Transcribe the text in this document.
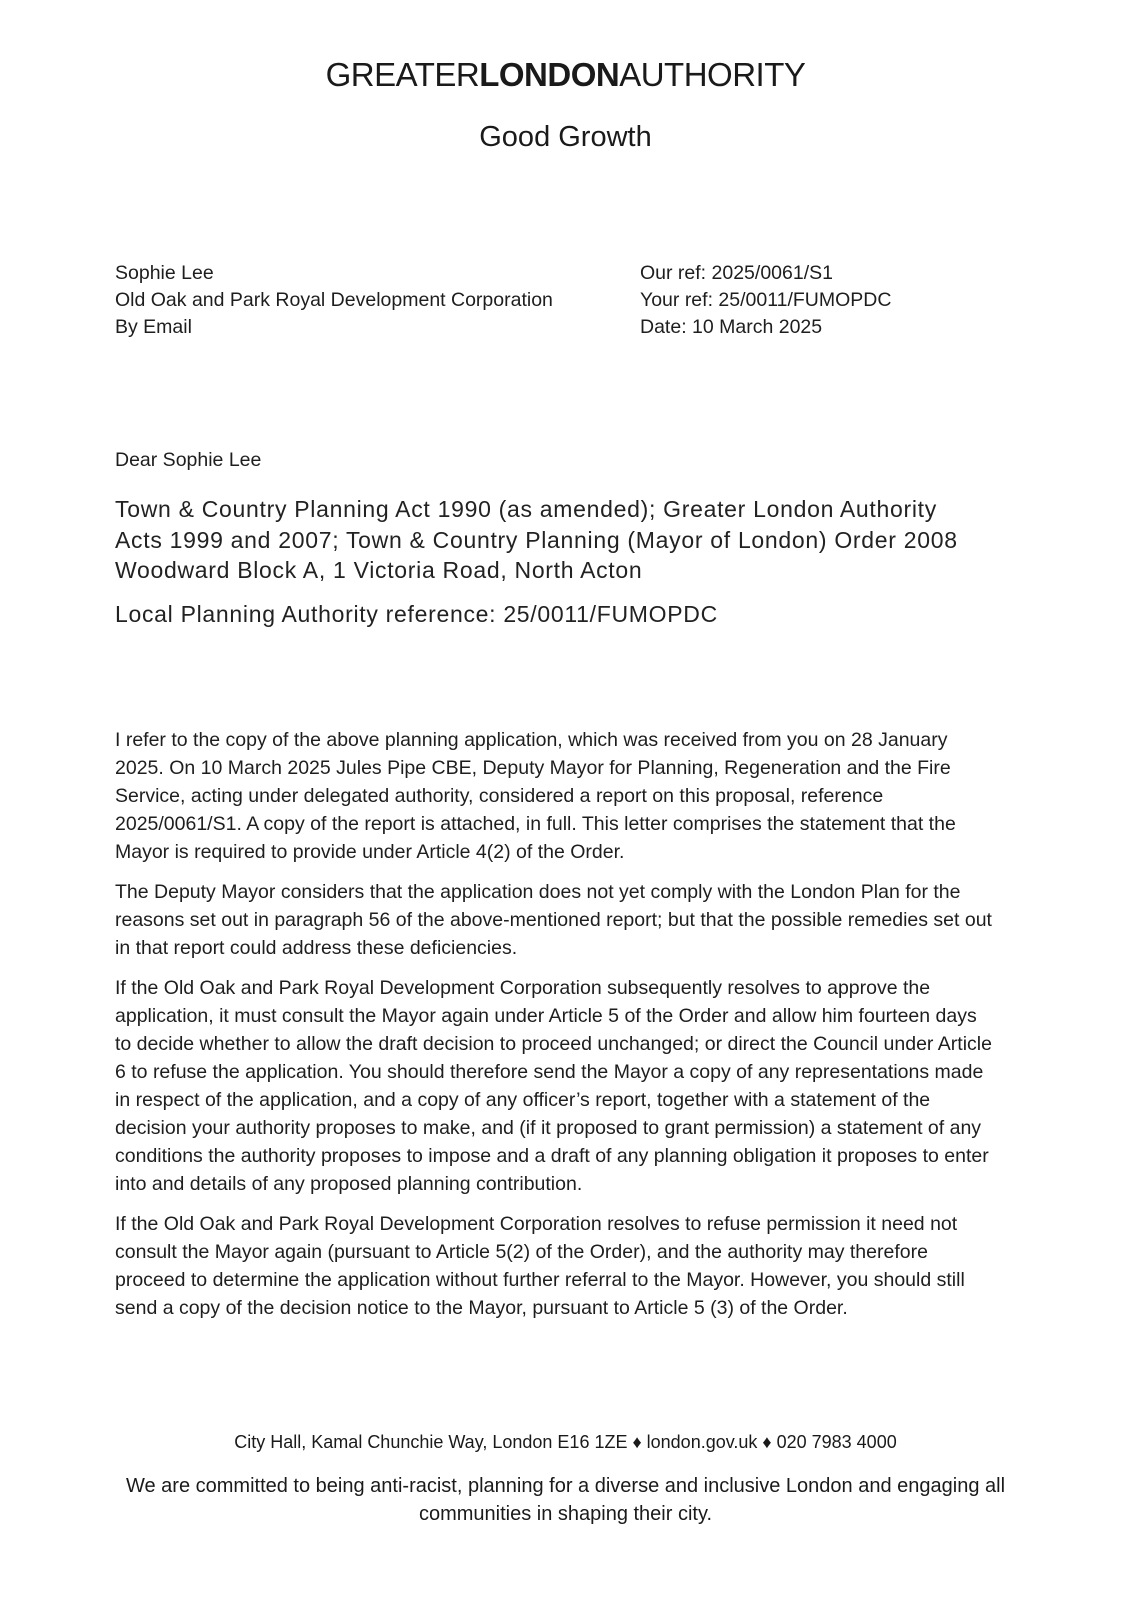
GREATERLONDONAUTHORITY
Good Growth
Sophie Lee
Old Oak and Park Royal Development Corporation
By Email
Our ref: 2025/0061/S1
Your ref: 25/0011/FUMOPDC
Date: 10 March 2025
Dear Sophie Lee
Town & Country Planning Act 1990 (as amended); Greater London Authority Acts 1999 and 2007; Town & Country Planning (Mayor of London) Order 2008
Woodward Block A, 1 Victoria Road, North Acton
Local Planning Authority reference: 25/0011/FUMOPDC

I refer to the copy of the above planning application, which was received from you on 28 January 2025. On 10 March 2025 Jules Pipe CBE, Deputy Mayor for Planning, Regeneration and the Fire Service, acting under delegated authority, considered a report on this proposal, reference 2025/0061/S1. A copy of the report is attached, in full. This letter comprises the statement that the Mayor is required to provide under Article 4(2) of the Order.

The Deputy Mayor considers that the application does not yet comply with the London Plan for the reasons set out in paragraph 56 of the above-mentioned report; but that the possible remedies set out in that report could address these deficiencies.

If the Old Oak and Park Royal Development Corporation subsequently resolves to approve the application, it must consult the Mayor again under Article 5 of the Order and allow him fourteen days to decide whether to allow the draft decision to proceed unchanged; or direct the Council under Article 6 to refuse the application. You should therefore send the Mayor a copy of any representations made in respect of the application, and a copy of any officer’s report, together with a statement of the decision your authority proposes to make, and (if it proposed to grant permission) a statement of any conditions the authority proposes to impose and a draft of any planning obligation it proposes to enter into and details of any proposed planning contribution.

If the Old Oak and Park Royal Development Corporation resolves to refuse permission it need not consult the Mayor again (pursuant to Article 5(2) of the Order), and the authority may therefore proceed to determine the application without further referral to the Mayor. However, you should still send a copy of the decision notice to the Mayor, pursuant to Article 5 (3) of the Order.

City Hall, Kamal Chunchie Way, London E16 1ZE ♦ london.gov.uk ♦ 020 7983 4000
We are committed to being anti-racist, planning for a diverse and inclusive London and engaging all communities in shaping their city.
